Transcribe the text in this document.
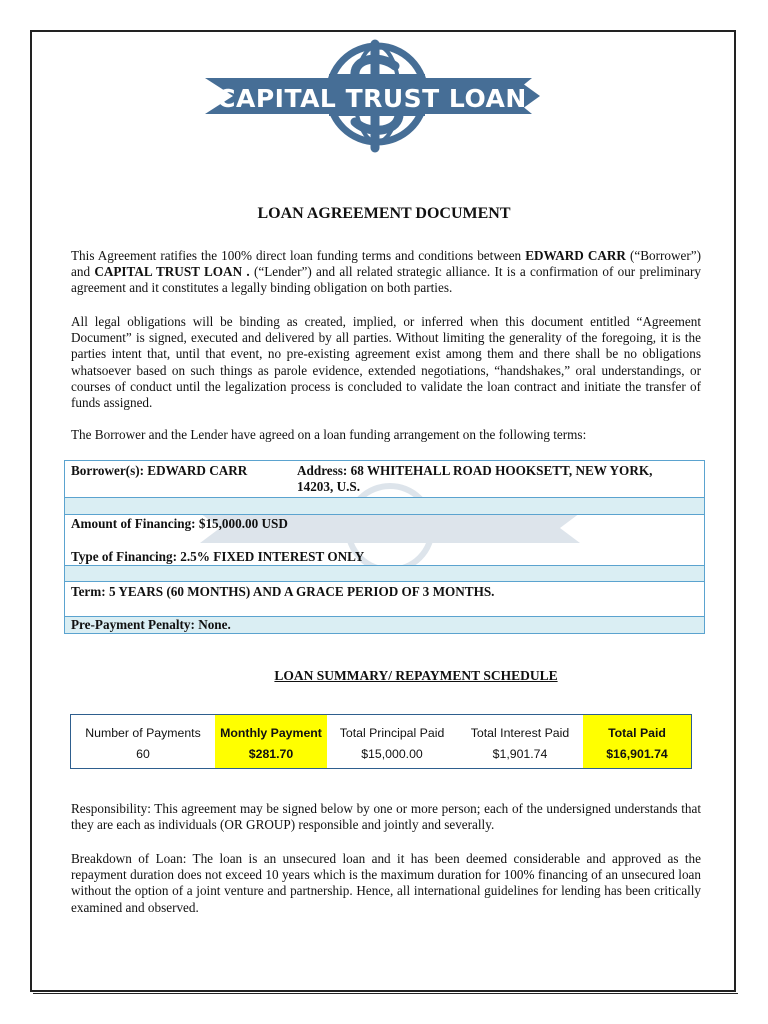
CAPITAL TRUST LOAN
LOAN AGREEMENT DOCUMENT
This Agreement ratifies the 100% direct loan funding terms and conditions between EDWARD CARR (“Borrower”) and CAPITAL TRUST LOAN . (“Lender”) and all related strategic alliance. It is a confirmation of our preliminary agreement and it constitutes a legally binding obligation on both parties.
All legal obligations will be binding as created, implied, or inferred when this document entitled “Agreement Document” is signed, executed and delivered by all parties. Without limiting the generality of the foregoing, it is the parties intent that, until that event, no pre-existing agreement exist among them and there shall be no obligations whatsoever based on such things as parole evidence, extended negotiations, “handshakes,” oral understandings, or courses of conduct until the legalization process is concluded to validate the loan contract and initiate the transfer of funds assigned.
The Borrower and the Lender have agreed on a loan funding arrangement on the following terms:
Borrower(s): EDWARD CARR	Address: 68 WHITEHALL ROAD HOOKSETT, NEW YORK,
14203, U.S.
Amount of Financing: $15,000.00 USD
Type of Financing: 2.5% FIXED INTEREST ONLY
Term: 5 YEARS (60 MONTHS) AND A GRACE PERIOD OF 3 MONTHS.
Pre-Payment Penalty: None.
LOAN SUMMARY/ REPAYMENT SCHEDULE
Number of Payments
60
Monthly Payment
$281.70
Total Principal Paid
$15,000.00
Total Interest Paid
$1,901.74
Total Paid
$16,901.74
Responsibility: This agreement may be signed below by one or more person; each of the undersigned understands that they are each as individuals (OR GROUP) responsible and jointly and severally.
Breakdown of Loan: The loan is an unsecured loan and it has been deemed considerable and approved as the repayment duration does not exceed 10 years which is the maximum duration for 100% financing of an unsecured loan without the option of a joint venture and partnership. Hence, all international guidelines for lending has been critically examined and observed.
